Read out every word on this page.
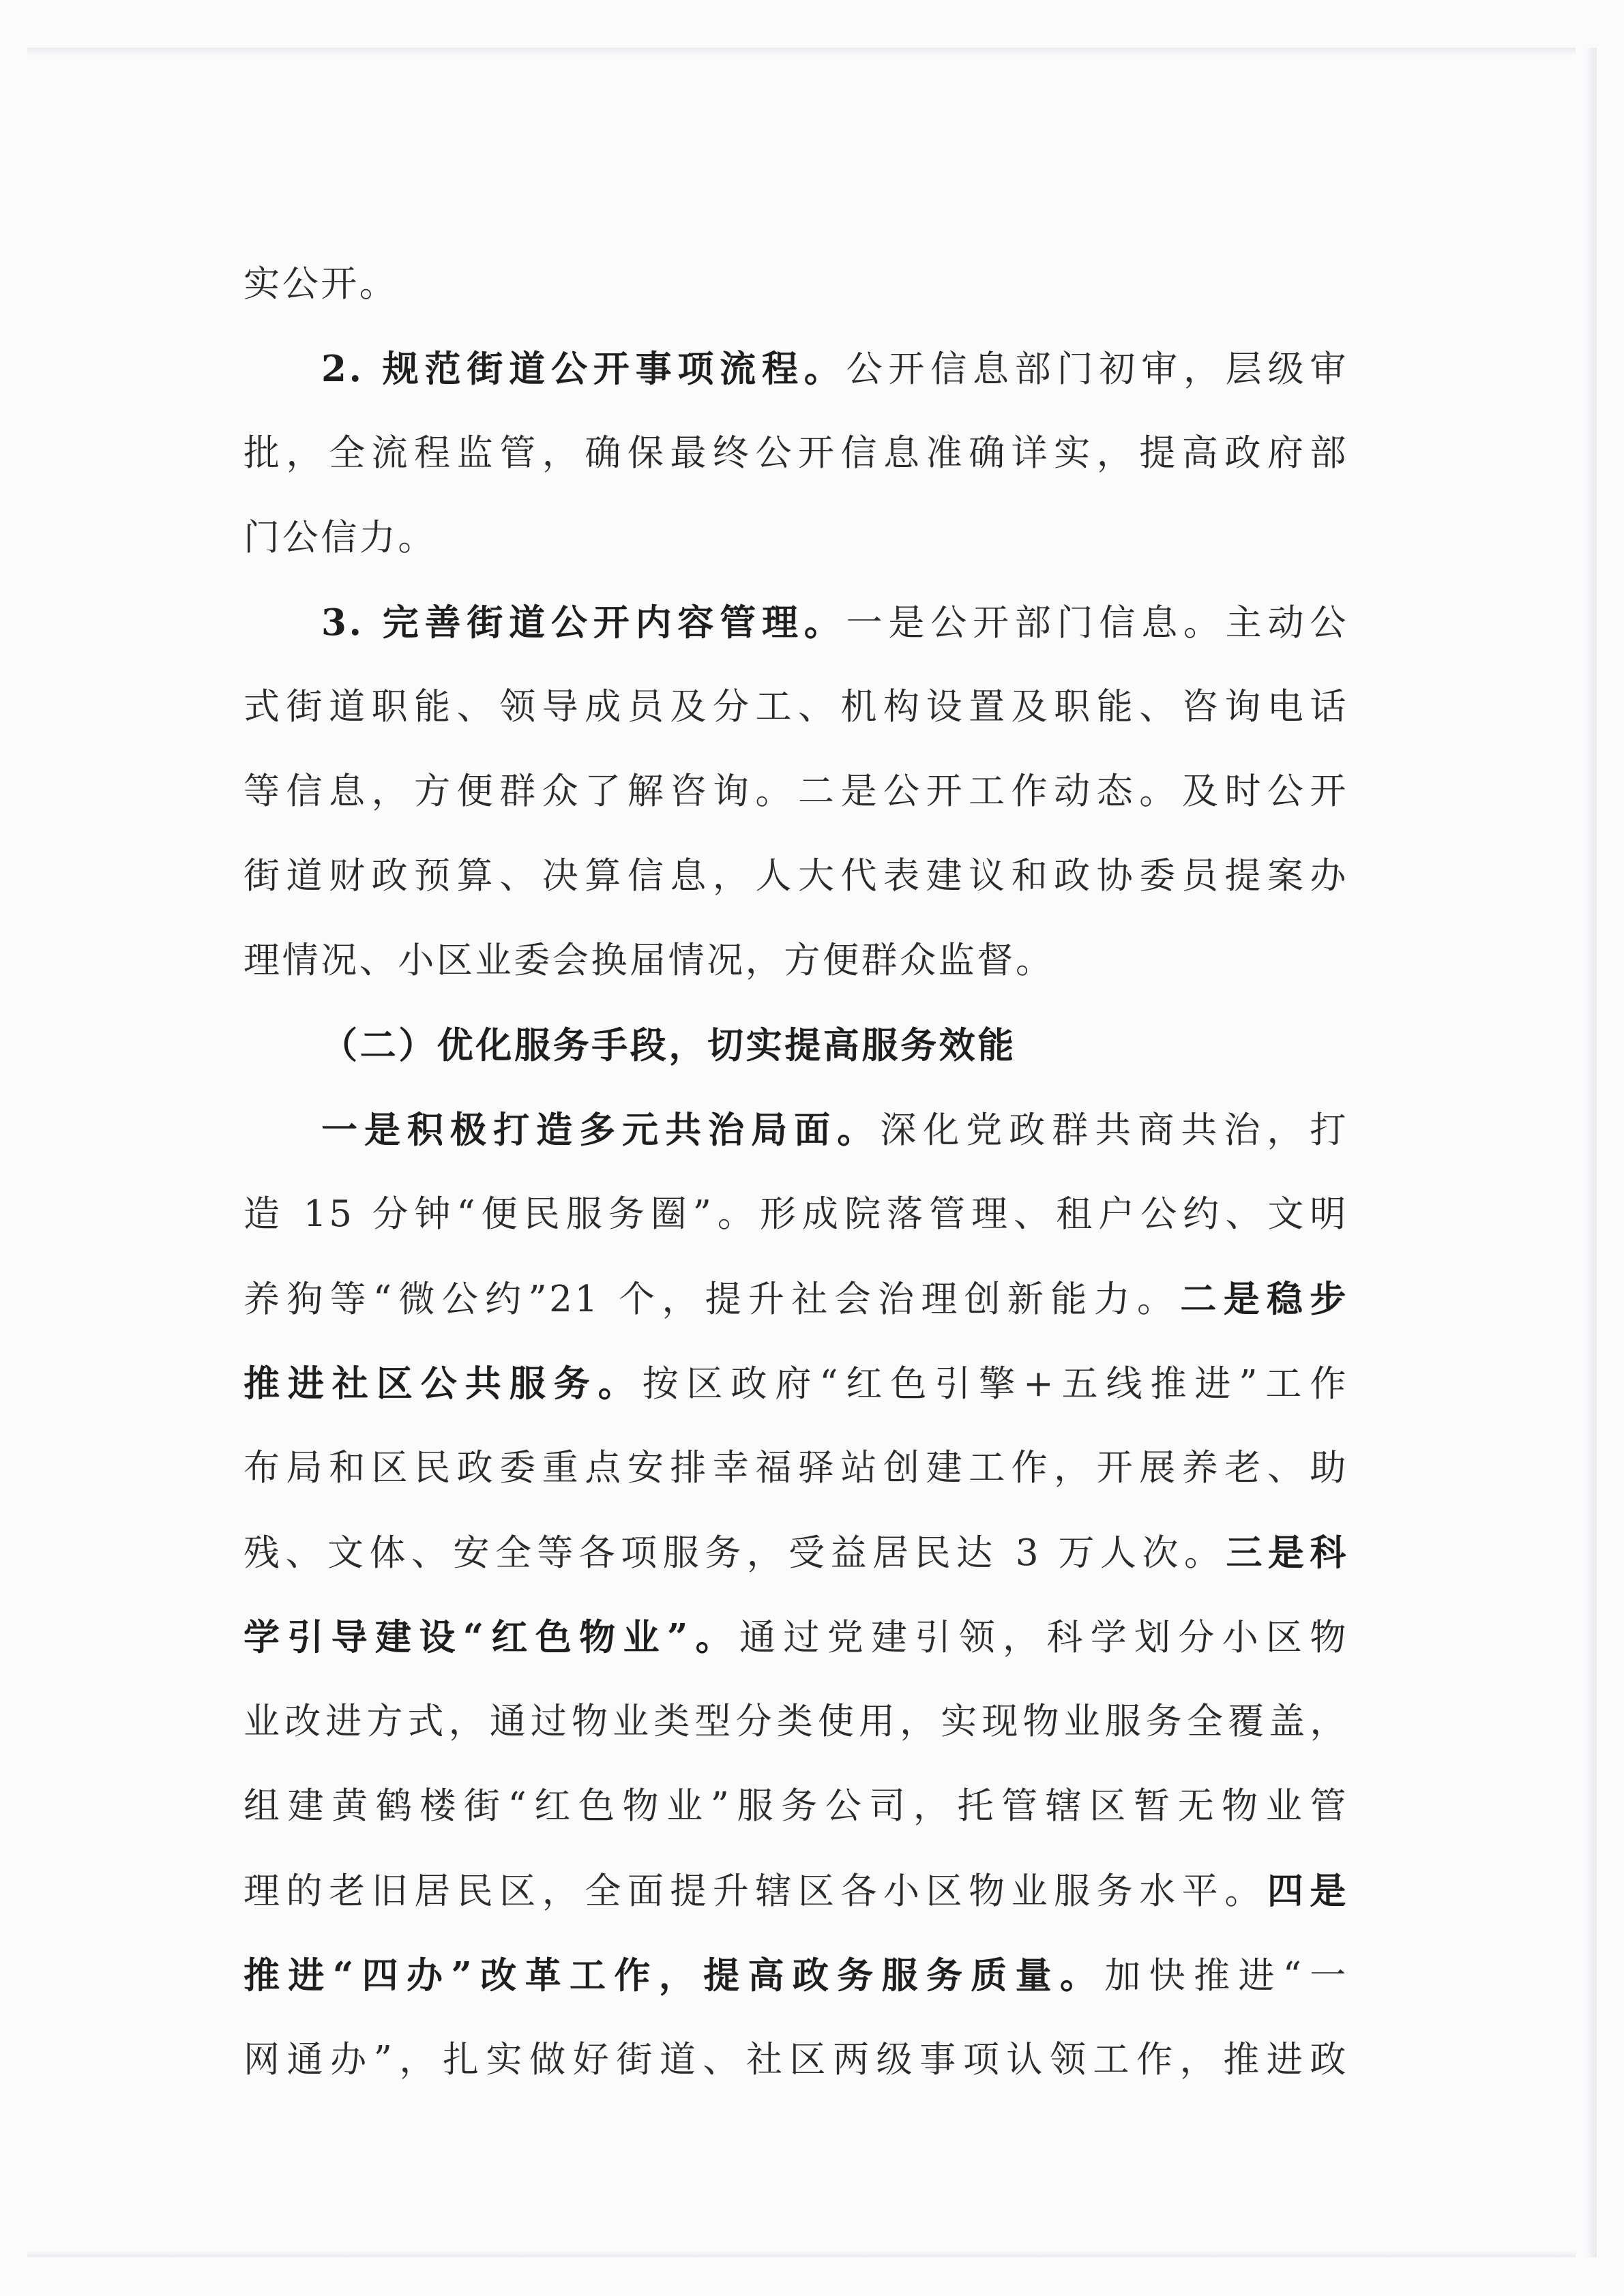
实公开。
2. 规范街道公开事项流程。公开信息部门初审，层级审
批，全流程监管，确保最终公开信息准确详实，提高政府部
门公信力。
3. 完善街道公开内容管理。一是公开部门信息。主动公
式街道职能、领导成员及分工、机构设置及职能、咨询电话
等信息，方便群众了解咨询。二是公开工作动态。及时公开
街道财政预算、决算信息，人大代表建议和政协委员提案办
理情况、小区业委会换届情况，方便群众监督。
（二）优化服务手段，切实提高服务效能
一是积极打造多元共治局面。深化党政群共商共治，打
造 15 分钟“便民服务圈”。形成院落管理、租户公约、文明
养狗等“微公约”21 个，提升社会治理创新能力。二是稳步
推进社区公共服务。按区政府“红色引擎+五线推进”工作
布局和区民政委重点安排幸福驿站创建工作，开展养老、助
残、文体、安全等各项服务，受益居民达 3 万人次。三是科
学引导建设“红色物业”。通过党建引领，科学划分小区物
业改进方式，通过物业类型分类使用，实现物业服务全覆盖，
组建黄鹤楼街“红色物业”服务公司，托管辖区暂无物业管
理的老旧居民区，全面提升辖区各小区物业服务水平。四是
推进“四办”改革工作，提高政务服务质量。加快推进“一
网通办”，扎实做好街道、社区两级事项认领工作，推进政
